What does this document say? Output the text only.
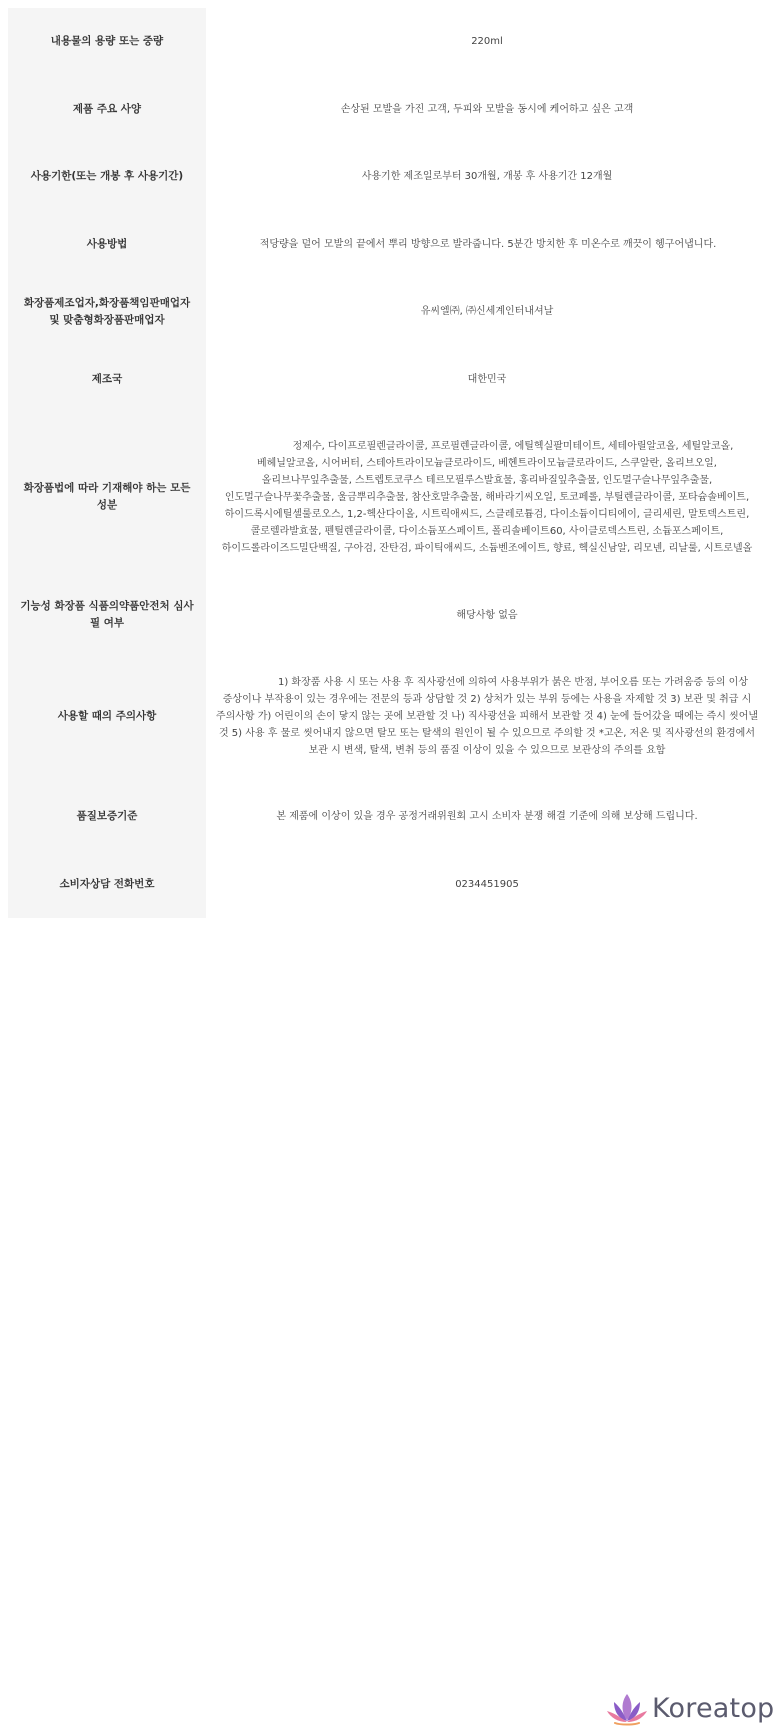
내용물의 용량 또는 중량	220ml
제품 주요 사양	손상된 모발을 가진 고객, 두피와 모발을 동시에 케어하고 싶은 고객
사용기한(또는 개봉 후 사용기간)	사용기한 제조일로부터 30개월, 개봉 후 사용기간 12개월
사용방법	적당량을 덜어 모발의 끝에서 뿌리 방향으로 발라줍니다. 5분간 방치한 후 미온수로 깨끗이 헹구어냅니다.
화장품제조업자,화장품책임판매업자 및 맞춤형화장품판매업자	유씨엘㈜, ㈜신세계인터내셔날
제조국	대한민국
화장품법에 따라 기재해야 하는 모든 성분	정제수, 다이프로필렌글라이콜, 프로필렌글라이콜, 에틸헥실팔미테이트, 세테아릴알코올, 세틸알코올, 베헤닐알코올, 시어버터, 스테아트라이모늄클로라이드, 베헨트라이모늄클로라이드, 스쿠알란, 올리브오일, 올리브나무잎추출물, 스트렙토코쿠스 테르모필루스발효물, 홍리바질잎추출물, 인도멀구슬나무잎추출물, 인도멀구슬나무꽃추출물, 울금뿌리추출물, 참산호말추출물, 해바라기씨오일, 토코페롤, 부틸렌글라이콜, 포타슘솔베이트, 하이드록시에틸셀룰로오스, 1,2-헥산다이올, 시트릭애씨드, 스클레로튬검, 다이소듐이디티에이, 글리세린, 말토덱스트린, 콜로렐라발효물, 펜틸렌글라이콜, 다이소듐포스페이트, 폴리솔베이트60, 사이클로덱스트린, 소듐포스페이트, 하이드롤라이즈드밀단백질, 구아검, 잔탄검, 파이틱애씨드, 소듐벤조에이트, 향료, 헥실신남알, 리모넨, 리날룰, 시트로넬올
기능성 화장품 식품의약품안전처 심사필 여부	해당사항 없음
사용할 때의 주의사항	1) 화장품 사용 시 또는 사용 후 직사광선에 의하여 사용부위가 붉은 반점, 부어오름 또는 가려움증 등의 이상 증상이나 부작용이 있는 경우에는 전문의 등과 상담할 것 2) 상처가 있는 부위 등에는 사용을 자제할 것 3) 보관 및 취급 시 주의사항 가) 어린이의 손이 닿지 않는 곳에 보관할 것 나) 직사광선을 피해서 보관할 것 4) 눈에 들어갔을 때에는 즉시 씻어낼 것 5) 사용 후 물로 씻어내지 않으면 탈모 또는 탈색의 원인이 될 수 있으므로 주의할 것 *고온, 저온 및 직사광선의 환경에서 보관 시 변색, 탈색, 변취 등의 품질 이상이 있을 수 있으므로 보관상의 주의를 요함
품질보증기준	본 제품에 이상이 있을 경우 공정거래위원회 고시 소비자 분쟁 해결 기준에 의해 보상해 드립니다.
소비자상담 전화번호	0234451905
Koreatop
